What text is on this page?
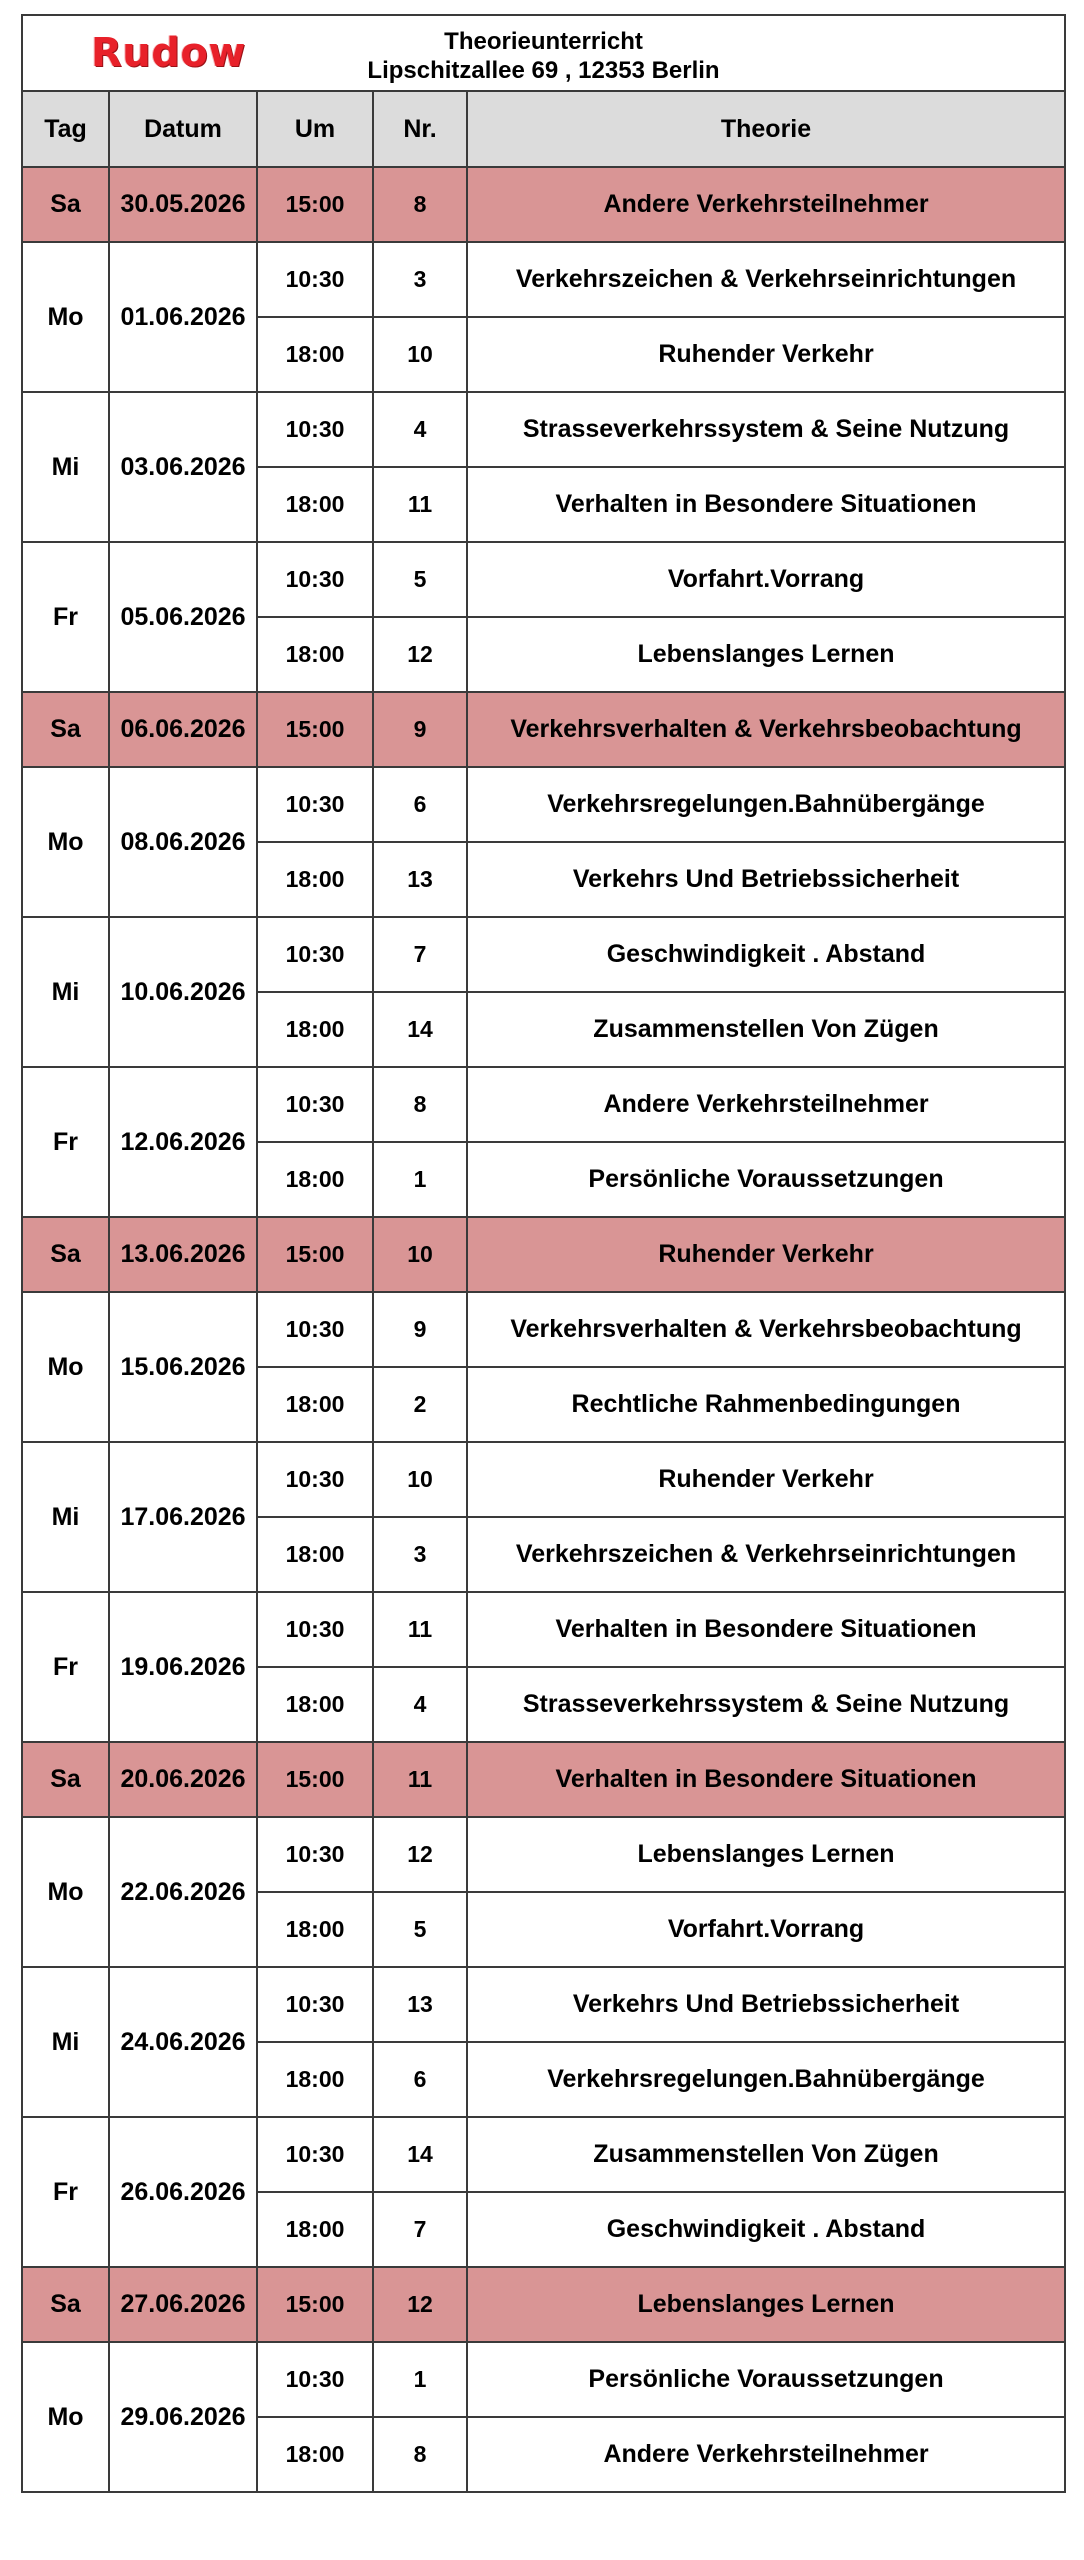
Rudow Theorieunterricht
Lipschitzallee 69 , 12353 Berlin				

Tag	Datum	Um	Nr.	Theorie
Sa	30.05.2026	15:00	8	Andere Verkehrsteilnehmer
Mo	01.06.2026	10:30	3	Verkehrszeichen & Verkehrseinrichtungen
		18:00	10	Ruhender Verkehr
Mi	03.06.2026	10:30	4	Strasseverkehrssystem & Seine Nutzung
		18:00	11	Verhalten in Besondere Situationen
Fr	05.06.2026	10:30	5	Vorfahrt.Vorrang
		18:00	12	Lebenslanges Lernen
Sa	06.06.2026	15:00	9	Verkehrsverhalten & Verkehrsbeobachtung
Mo	08.06.2026	10:30	6	Verkehrsregelungen.Bahnübergänge
		18:00	13	Verkehrs Und Betriebssicherheit
Mi	10.06.2026	10:30	7	Geschwindigkeit . Abstand
		18:00	14	Zusammenstellen Von Zügen
Fr	12.06.2026	10:30	8	Andere Verkehrsteilnehmer
		18:00	1	Persönliche Voraussetzungen
Sa	13.06.2026	15:00	10	Ruhender Verkehr
Mo	15.06.2026	10:30	9	Verkehrsverhalten & Verkehrsbeobachtung
		18:00	2	Rechtliche Rahmenbedingungen
Mi	17.06.2026	10:30	10	Ruhender Verkehr
		18:00	3	Verkehrszeichen & Verkehrseinrichtungen
Fr	19.06.2026	10:30	11	Verhalten in Besondere Situationen
		18:00	4	Strasseverkehrssystem & Seine Nutzung
Sa	20.06.2026	15:00	11	Verhalten in Besondere Situationen
Mo	22.06.2026	10:30	12	Lebenslanges Lernen
		18:00	5	Vorfahrt.Vorrang
Mi	24.06.2026	10:30	13	Verkehrs Und Betriebssicherheit
		18:00	6	Verkehrsregelungen.Bahnübergänge
Fr	26.06.2026	10:30	14	Zusammenstellen Von Zügen
		18:00	7	Geschwindigkeit . Abstand
Sa	27.06.2026	15:00	12	Lebenslanges Lernen
Mo	29.06.2026	10:30	1	Persönliche Voraussetzungen
		18:00	8	Andere Verkehrsteilnehmer
